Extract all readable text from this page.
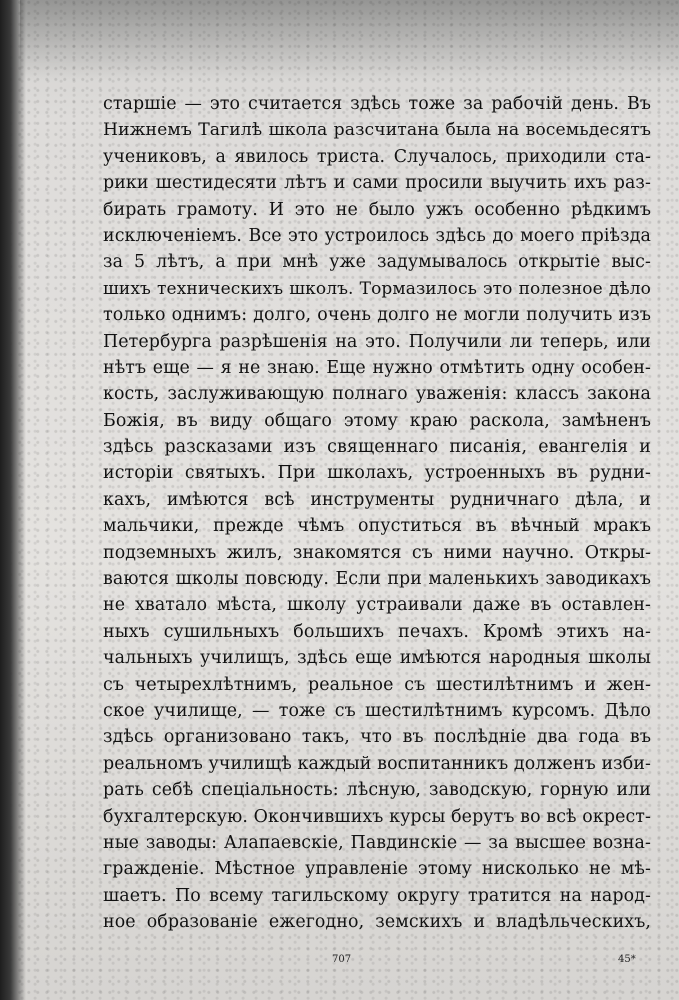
старшіе — это считается здѣсь тоже за рабочій день. Въ
Нижнемъ Тагилѣ школа разсчитана была на восемьдесятъ
учениковъ, а явилось триста. Случалось, приходили ста-
рики шестидесяти лѣтъ и сами просили выучить ихъ раз-
бирать грамоту. И это не было ужъ особенно рѣдкимъ
исключеніемъ. Все это устроилось здѣсь до моего пріѣзда
за 5 лѣтъ, а при мнѣ уже задумывалось открытіе выс-
шихъ техническихъ школъ. Тормазилось это полезное дѣло
только однимъ: долго, очень долго не могли получить изъ
Петербурга разрѣшенія на это. Получили ли теперь, или
нѣтъ еще — я не знаю. Еще нужно отмѣтить одну особен-
кость, заслуживающую полнаго уваженія: классъ закона
Божія, въ виду общаго этому краю раскола, замѣненъ
здѣсь разсказами изъ священнаго писанія, евангелія и
исторіи святыхъ. При школахъ, устроенныхъ въ рудни-
кахъ, имѣются всѣ инструменты рудничнаго дѣла, и
мальчики, прежде чѣмъ опуститься въ вѣчный мракъ
подземныхъ жилъ, знакомятся съ ними научно. Откры-
ваются школы повсюду. Если при маленькихъ заводикахъ
не хватало мѣста, школу устраивали даже въ оставлен-
ныхъ сушильныхъ большихъ печахъ. Кромѣ этихъ на-
чальныхъ училищъ, здѣсь еще имѣются народныя школы
съ четырехлѣтнимъ, реальное съ шестилѣтнимъ и жен-
ское училище, — тоже съ шестилѣтнимъ курсомъ. Дѣло
здѣсь организовано такъ, что въ послѣдніе два года въ
реальномъ училищѣ каждый воспитанникъ долженъ изби-
рать себѣ спеціальность: лѣсную, заводскую, горную или
бухгалтерскую. Окончившихъ курсы берутъ во всѣ окрест-
ные заводы: Алапаевскіе, Павдинскіе — за высшее возна-
гражденіе. Мѣстное управленіе этому нисколько не мѣ-
шаетъ. По всему тагильскому округу тратится на народ-
ное образованіе ежегодно, земскихъ и владѣльческихъ,
707	45*
